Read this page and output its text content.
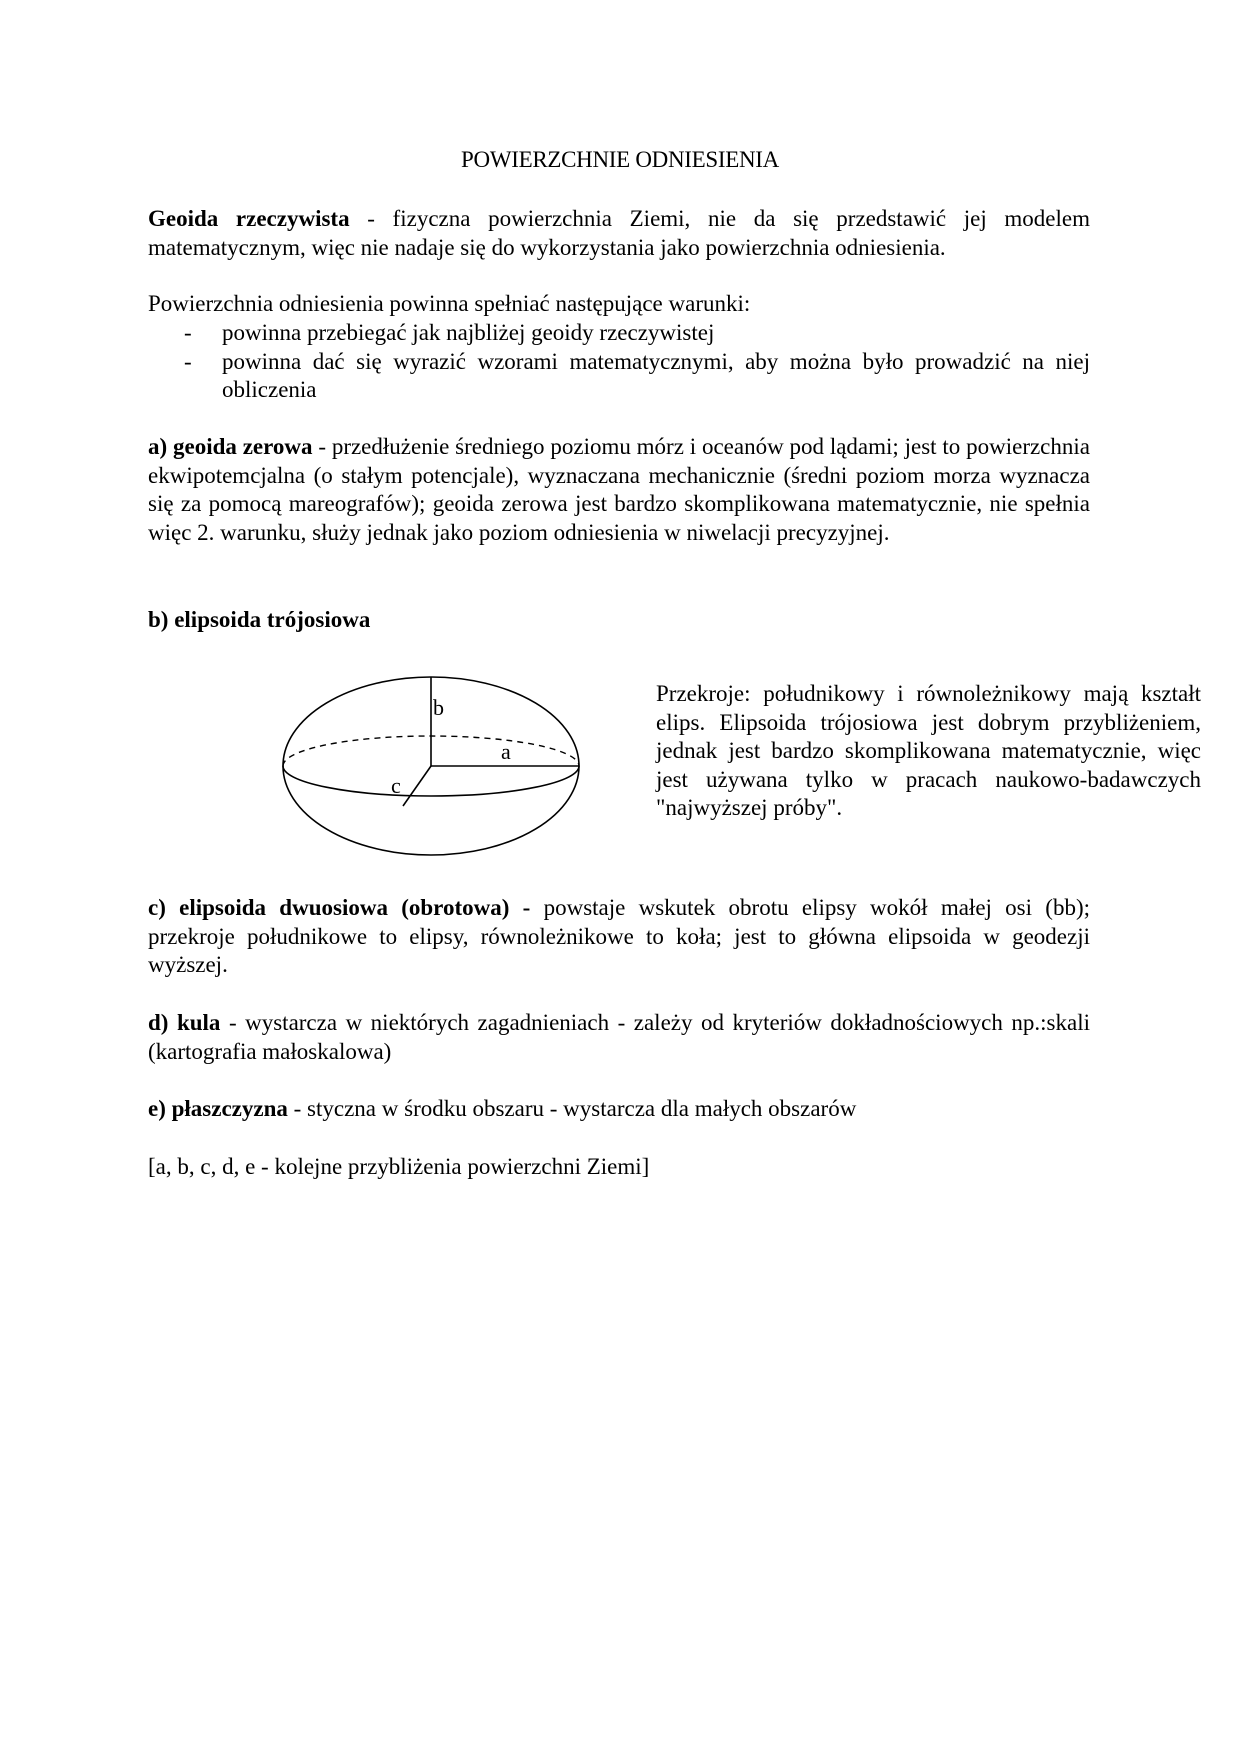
POWIERZCHNIE ODNIESIENIA
Geoida rzeczywista - fizyczna powierzchnia Ziemi, nie da się przedstawić jej modelem matematycznym, więc nie nadaje się do wykorzystania jako powierzchnia odniesienia.
Powierzchnia odniesienia powinna spełniać następujące warunki:
- powinna przebiegać jak najbliżej geoidy rzeczywistej
- powinna dać się wyrazić wzorami matematycznymi, aby można było prowadzić na niej obliczenia
a) geoida zerowa - przedłużenie średniego poziomu mórz i oceanów pod lądami; jest to powierzchnia ekwipotemcjalna (o stałym potencjale), wyznaczana mechanicznie (średni poziom morza wyznacza się za pomocą mareografów); geoida zerowa jest bardzo skomplikowana matematycznie, nie spełnia więc 2. warunku, służy jednak jako poziom odniesienia w niwelacji precyzyjnej.
b) elipsoida trójosiowa
b
a
c
Przekroje: południkowy i równoleżnikowy mają kształt elips. Elipsoida trójosiowa jest dobrym przybliżeniem, jednak jest bardzo skomplikowana matematycznie, więc jest używana tylko w pracach naukowo-badawczych "najwyższej próby".
c) elipsoida dwuosiowa (obrotowa) - powstaje wskutek obrotu elipsy wokół małej osi (bb); przekroje południkowe to elipsy, równoleżnikowe to koła; jest to główna elipsoida w geodezji wyższej.
d) kula - wystarcza w niektórych zagadnieniach - zależy od kryteriów dokładnościowych np.:skali (kartografia małoskalowa)
e) płaszczyzna - styczna w środku obszaru - wystarcza dla małych obszarów
[a, b, c, d, e - kolejne przybliżenia powierzchni Ziemi]
